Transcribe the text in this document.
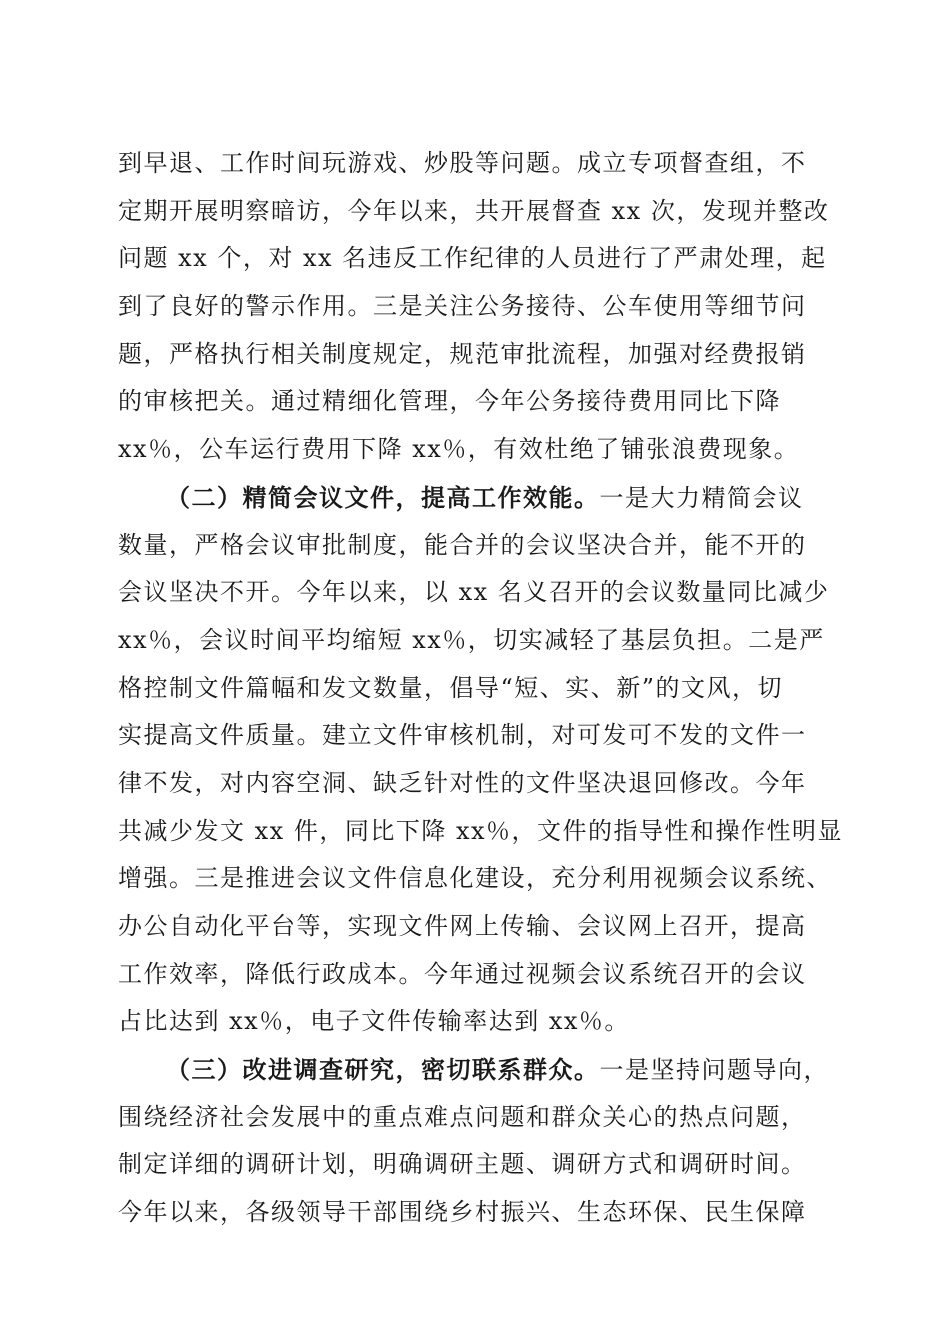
到早退、工作时间玩游戏、炒股等问题。成立专项督查组，不
定期开展明察暗访，今年以来，共开展督查 xx 次，发现并整改
问题 xx 个，对 xx 名违反工作纪律的人员进行了严肃处理，起
到了良好的警示作用。三是关注公务接待、公车使用等细节问
题，严格执行相关制度规定，规范审批流程，加强对经费报销
的审核把关。通过精细化管理，今年公务接待费用同比下降
xx％，公车运行费用下降 xx％，有效杜绝了铺张浪费现象。
（二）精简会议文件，提高工作效能。一是大力精简会议
数量，严格会议审批制度，能合并的会议坚决合并，能不开的
会议坚决不开。今年以来，以 xx 名义召开的会议数量同比减少
xx％，会议时间平均缩短 xx％，切实减轻了基层负担。二是严
格控制文件篇幅和发文数量，倡导“短、实、新”的文风，切
实提高文件质量。建立文件审核机制，对可发可不发的文件一
律不发，对内容空洞、缺乏针对性的文件坚决退回修改。今年
共减少发文 xx 件，同比下降 xx％，文件的指导性和操作性明显
增强。三是推进会议文件信息化建设，充分利用视频会议系统、
办公自动化平台等，实现文件网上传输、会议网上召开，提高
工作效率，降低行政成本。今年通过视频会议系统召开的会议
占比达到 xx％，电子文件传输率达到 xx％。
（三）改进调查研究，密切联系群众。一是坚持问题导向，
围绕经济社会发展中的重点难点问题和群众关心的热点问题，
制定详细的调研计划，明确调研主题、调研方式和调研时间。
今年以来，各级领导干部围绕乡村振兴、生态环保、民生保障
